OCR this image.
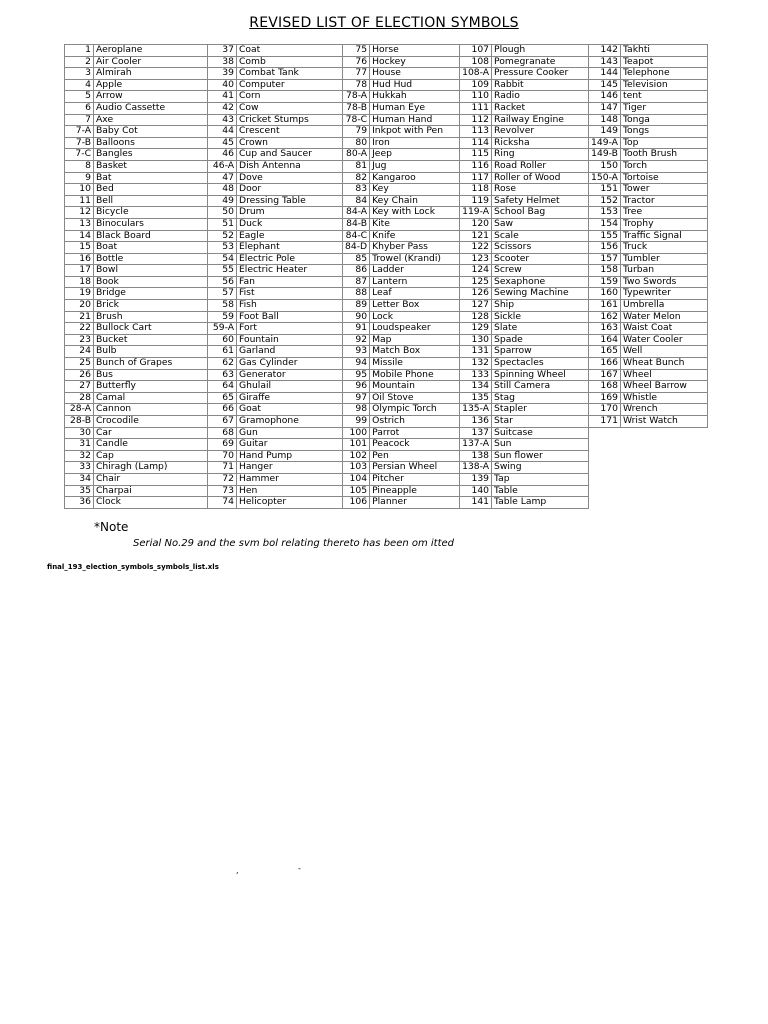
REVISED LIST OF ELECTION SYMBOLS
1	Aeroplane	37	Coat	75	Horse	107	Plough	142	Takhti
2	Air Cooler	38	Comb	76	Hockey	108	Pomegranate	143	Teapot
3	Almirah	39	Combat Tank	77	House	108-A	Pressure Cooker	144	Telephone
4	Apple	40	Computer	78	Hud Hud	109	Rabbit	145	Television
5	Arrow	41	Corn	78-A	Hukkah	110	Radio	146	tent
6	Audio Cassette	42	Cow	78-B	Human Eye	111	Racket	147	Tiger
7	Axe	43	Cricket Stumps	78-C	Human Hand	112	Railway Engine	148	Tonga
7-A	Baby Cot	44	Crescent	79	Inkpot with Pen	113	Revolver	149	Tongs
7-B	Balloons	45	Crown	80	Iron	114	Ricksha	149-A	Top
7-C	Bangles	46	Cup and Saucer	80-A	Jeep	115	Ring	149-B	Tooth Brush
8	Basket	46-A	Dish Antenna	81	Jug	116	Road Roller	150	Torch
9	Bat	47	Dove	82	Kangaroo	117	Roller of Wood	150-A	Tortoise
10	Bed	48	Door	83	Key	118	Rose	151	Tower
11	Bell	49	Dressing Table	84	Key Chain	119	Safety Helmet	152	Tractor
12	Bicycle	50	Drum	84-A	Key with Lock	119-A	School Bag	153	Tree
13	Binoculars	51	Duck	84-B	Kite	120	Saw	154	Trophy
14	Black Board	52	Eagle	84-C	Knife	121	Scale	155	Traffic Signal
15	Boat	53	Elephant	84-D	Khyber Pass	122	Scissors	156	Truck
16	Bottle	54	Electric Pole	85	Trowel (Krandi)	123	Scooter	157	Tumbler
17	Bowl	55	Electric Heater	86	Ladder	124	Screw	158	Turban
18	Book	56	Fan	87	Lantern	125	Sexaphone	159	Two Swords
19	Bridge	57	Fist	88	Leaf	126	Sewing Machine	160	Typewriter
20	Brick	58	Fish	89	Letter Box	127	Ship	161	Umbrella
21	Brush	59	Foot Ball	90	Lock	128	Sickle	162	Water Melon
22	Bullock Cart	59-A	Fort	91	Loudspeaker	129	Slate	163	Waist Coat
23	Bucket	60	Fountain	92	Map	130	Spade	164	Water Cooler
24	Bulb	61	Garland	93	Match Box	131	Sparrow	165	Well
25	Bunch of Grapes	62	Gas Cylinder	94	Missile	132	Spectacles	166	Wheat Bunch
26	Bus	63	Generator	95	Mobile Phone	133	Spinning Wheel	167	Wheel
27	Butterfly	64	Ghulail	96	Mountain	134	Still Camera	168	Wheel Barrow
28	Camal	65	Giraffe	97	Oil Stove	135	Stag	169	Whistle
28-A	Cannon	66	Goat	98	Olympic Torch	135-A	Stapler	170	Wrench
28-B	Crocodile	67	Gramophone	99	Ostrich	136	Star	171	Wrist Watch
30	Car	68	Gun	100	Parrot	137	Suitcase		
31	Candle	69	Guitar	101	Peacock	137-A	Sun		
32	Cap	70	Hand Pump	102	Pen	138	Sun flower		
33	Chiragh (Lamp)	71	Hanger	103	Persian Wheel	138-A	Swing		
34	Chair	72	Hammer	104	Pitcher	139	Tap		
35	Charpai	73	Hen	105	Pineapple	140	Table		
36	Clock	74	Helicopter	106	Planner	141	Table Lamp		
*Note
Serial No.29 and the svm bol relating thereto has been om itted
final_193_election_symbols_symbols_list.xls
,	-
